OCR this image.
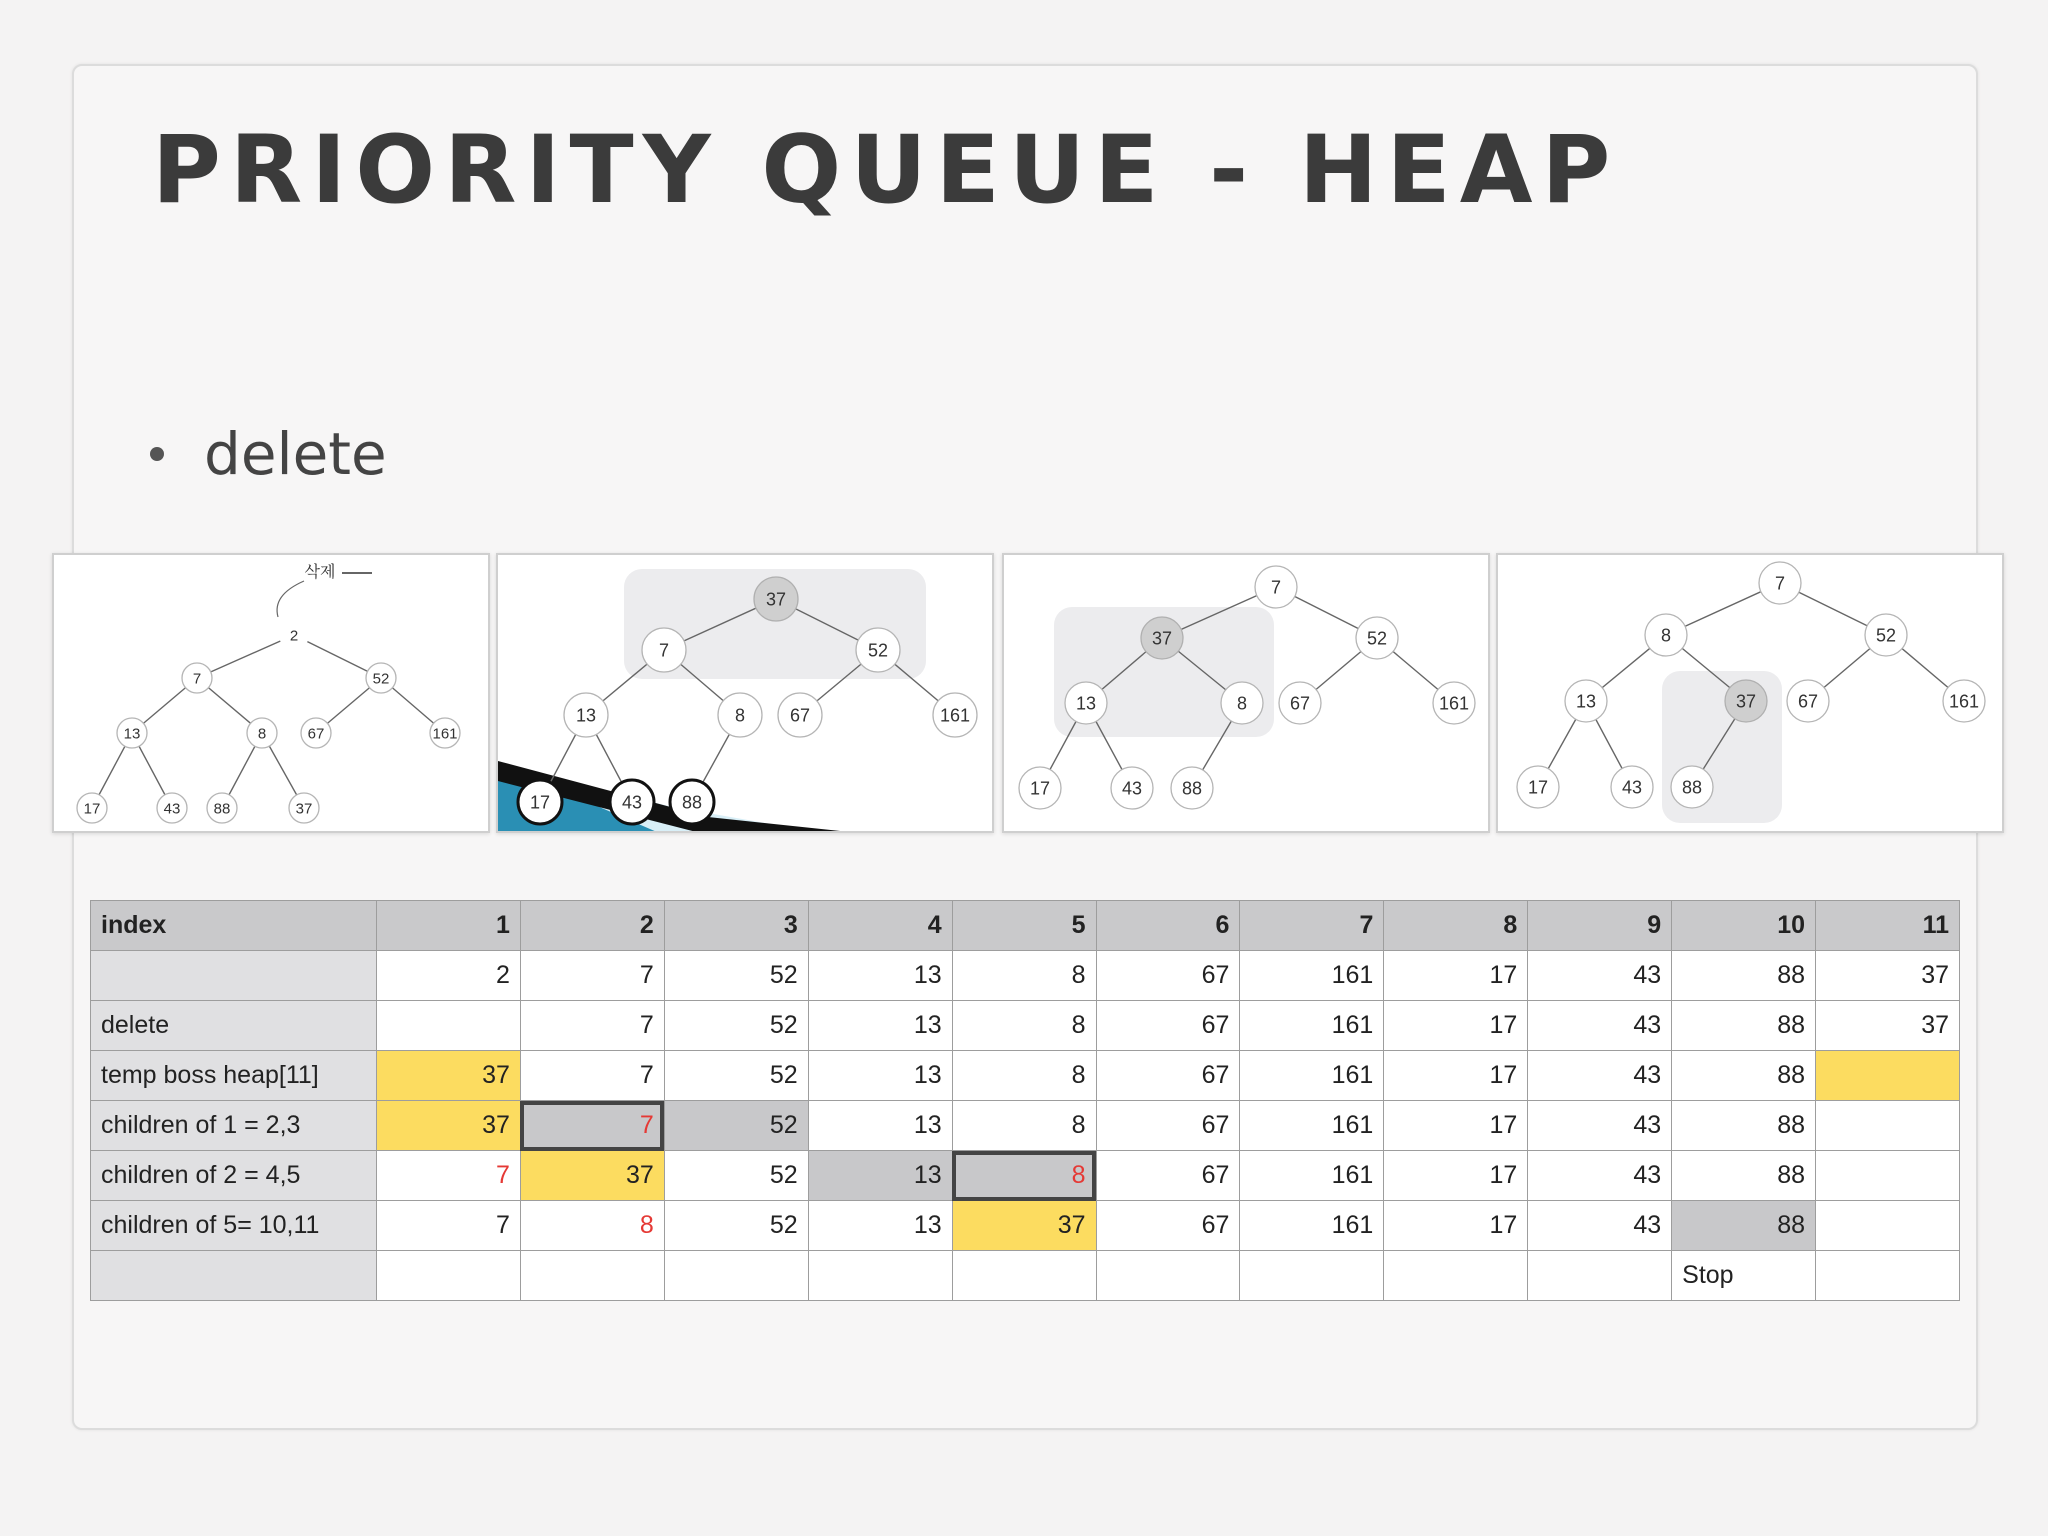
PRIORITY QUEUE - HEAP
delete
삭제
2
7	52
13	8	67	161
17	43 88	37
37
7	52
13	8 67	161
17	43 88
7
37	52
13	8 67	161
17	43 88
7
8	52
13	37 67	161
17	43 88
index	1	2	3	4	5	6	7	8	9	10	11
	2	7	52	13	8	67	161	17	43	88	37
delete		7	52	13	8	67	161	17	43	88	37
temp boss heap[11]	37	7	52	13	8	67	161	17	43	88	
children of 1 = 2,3	37	7	52	13	8	67	161	17	43	88	
children of 2 = 4,5	7	37	52	13	8	67	161	17	43	88	
children of 5= 10,11	7	8	52	13	37	67	161	17	43	88	
										Stop	
